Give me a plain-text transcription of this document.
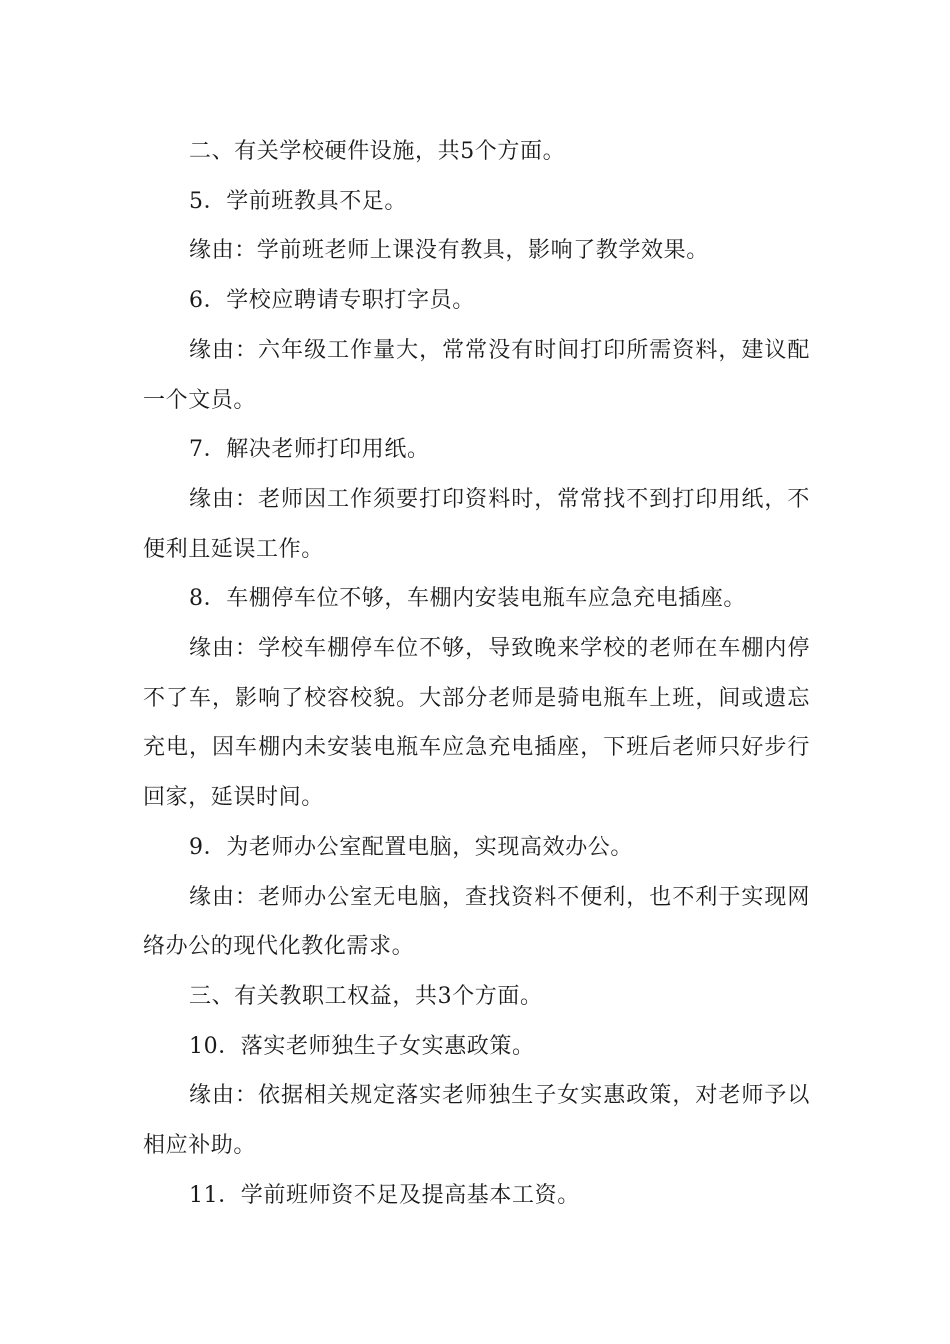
二、有关学校硬件设施，共5个方面。

5．学前班教具不足。

缘由：学前班老师上课没有教具，影响了教学效果。

6．学校应聘请专职打字员。

缘由：六年级工作量大，常常没有时间打印所需资料，建议配一个文员。

7．解决老师打印用纸。

缘由：老师因工作须要打印资料时，常常找不到打印用纸，不便利且延误工作。

8．车棚停车位不够，车棚内安装电瓶车应急充电插座。

缘由：学校车棚停车位不够，导致晚来学校的老师在车棚内停不了车，影响了校容校貌。大部分老师是骑电瓶车上班，间或遗忘充电，因车棚内未安装电瓶车应急充电插座，下班后老师只好步行回家，延误时间。

9．为老师办公室配置电脑，实现高效办公。

缘由：老师办公室无电脑，查找资料不便利，也不利于实现网络办公的现代化教化需求。

三、有关教职工权益，共3个方面。

10．落实老师独生子女实惠政策。

缘由：依据相关规定落实老师独生子女实惠政策，对老师予以相应补助。

11．学前班师资不足及提高基本工资。
